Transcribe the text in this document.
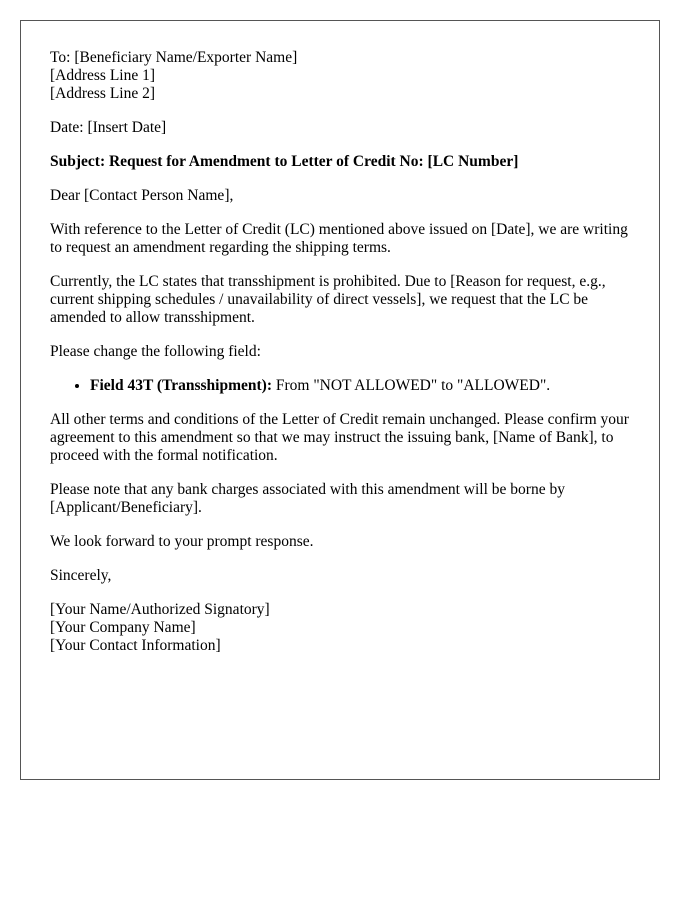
To: [Beneficiary Name/Exporter Name]
[Address Line 1]
[Address Line 2]

Date: [Insert Date]

Subject: Request for Amendment to Letter of Credit No: [LC Number]

Dear [Contact Person Name],

With reference to the Letter of Credit (LC) mentioned above issued on [Date], we are writing to request an amendment regarding the shipping terms.

Currently, the LC states that transshipment is prohibited. Due to [Reason for request, e.g., current shipping schedules / unavailability of direct vessels], we request that the LC be amended to allow transshipment.

Please change the following field:

• Field 43T (Transshipment): From "NOT ALLOWED" to "ALLOWED".

All other terms and conditions of the Letter of Credit remain unchanged. Please confirm your agreement to this amendment so that we may instruct the issuing bank, [Name of Bank], to proceed with the formal notification.

Please note that any bank charges associated with this amendment will be borne by [Applicant/Beneficiary].

We look forward to your prompt response.

Sincerely,

[Your Name/Authorized Signatory]
[Your Company Name]
[Your Contact Information]
